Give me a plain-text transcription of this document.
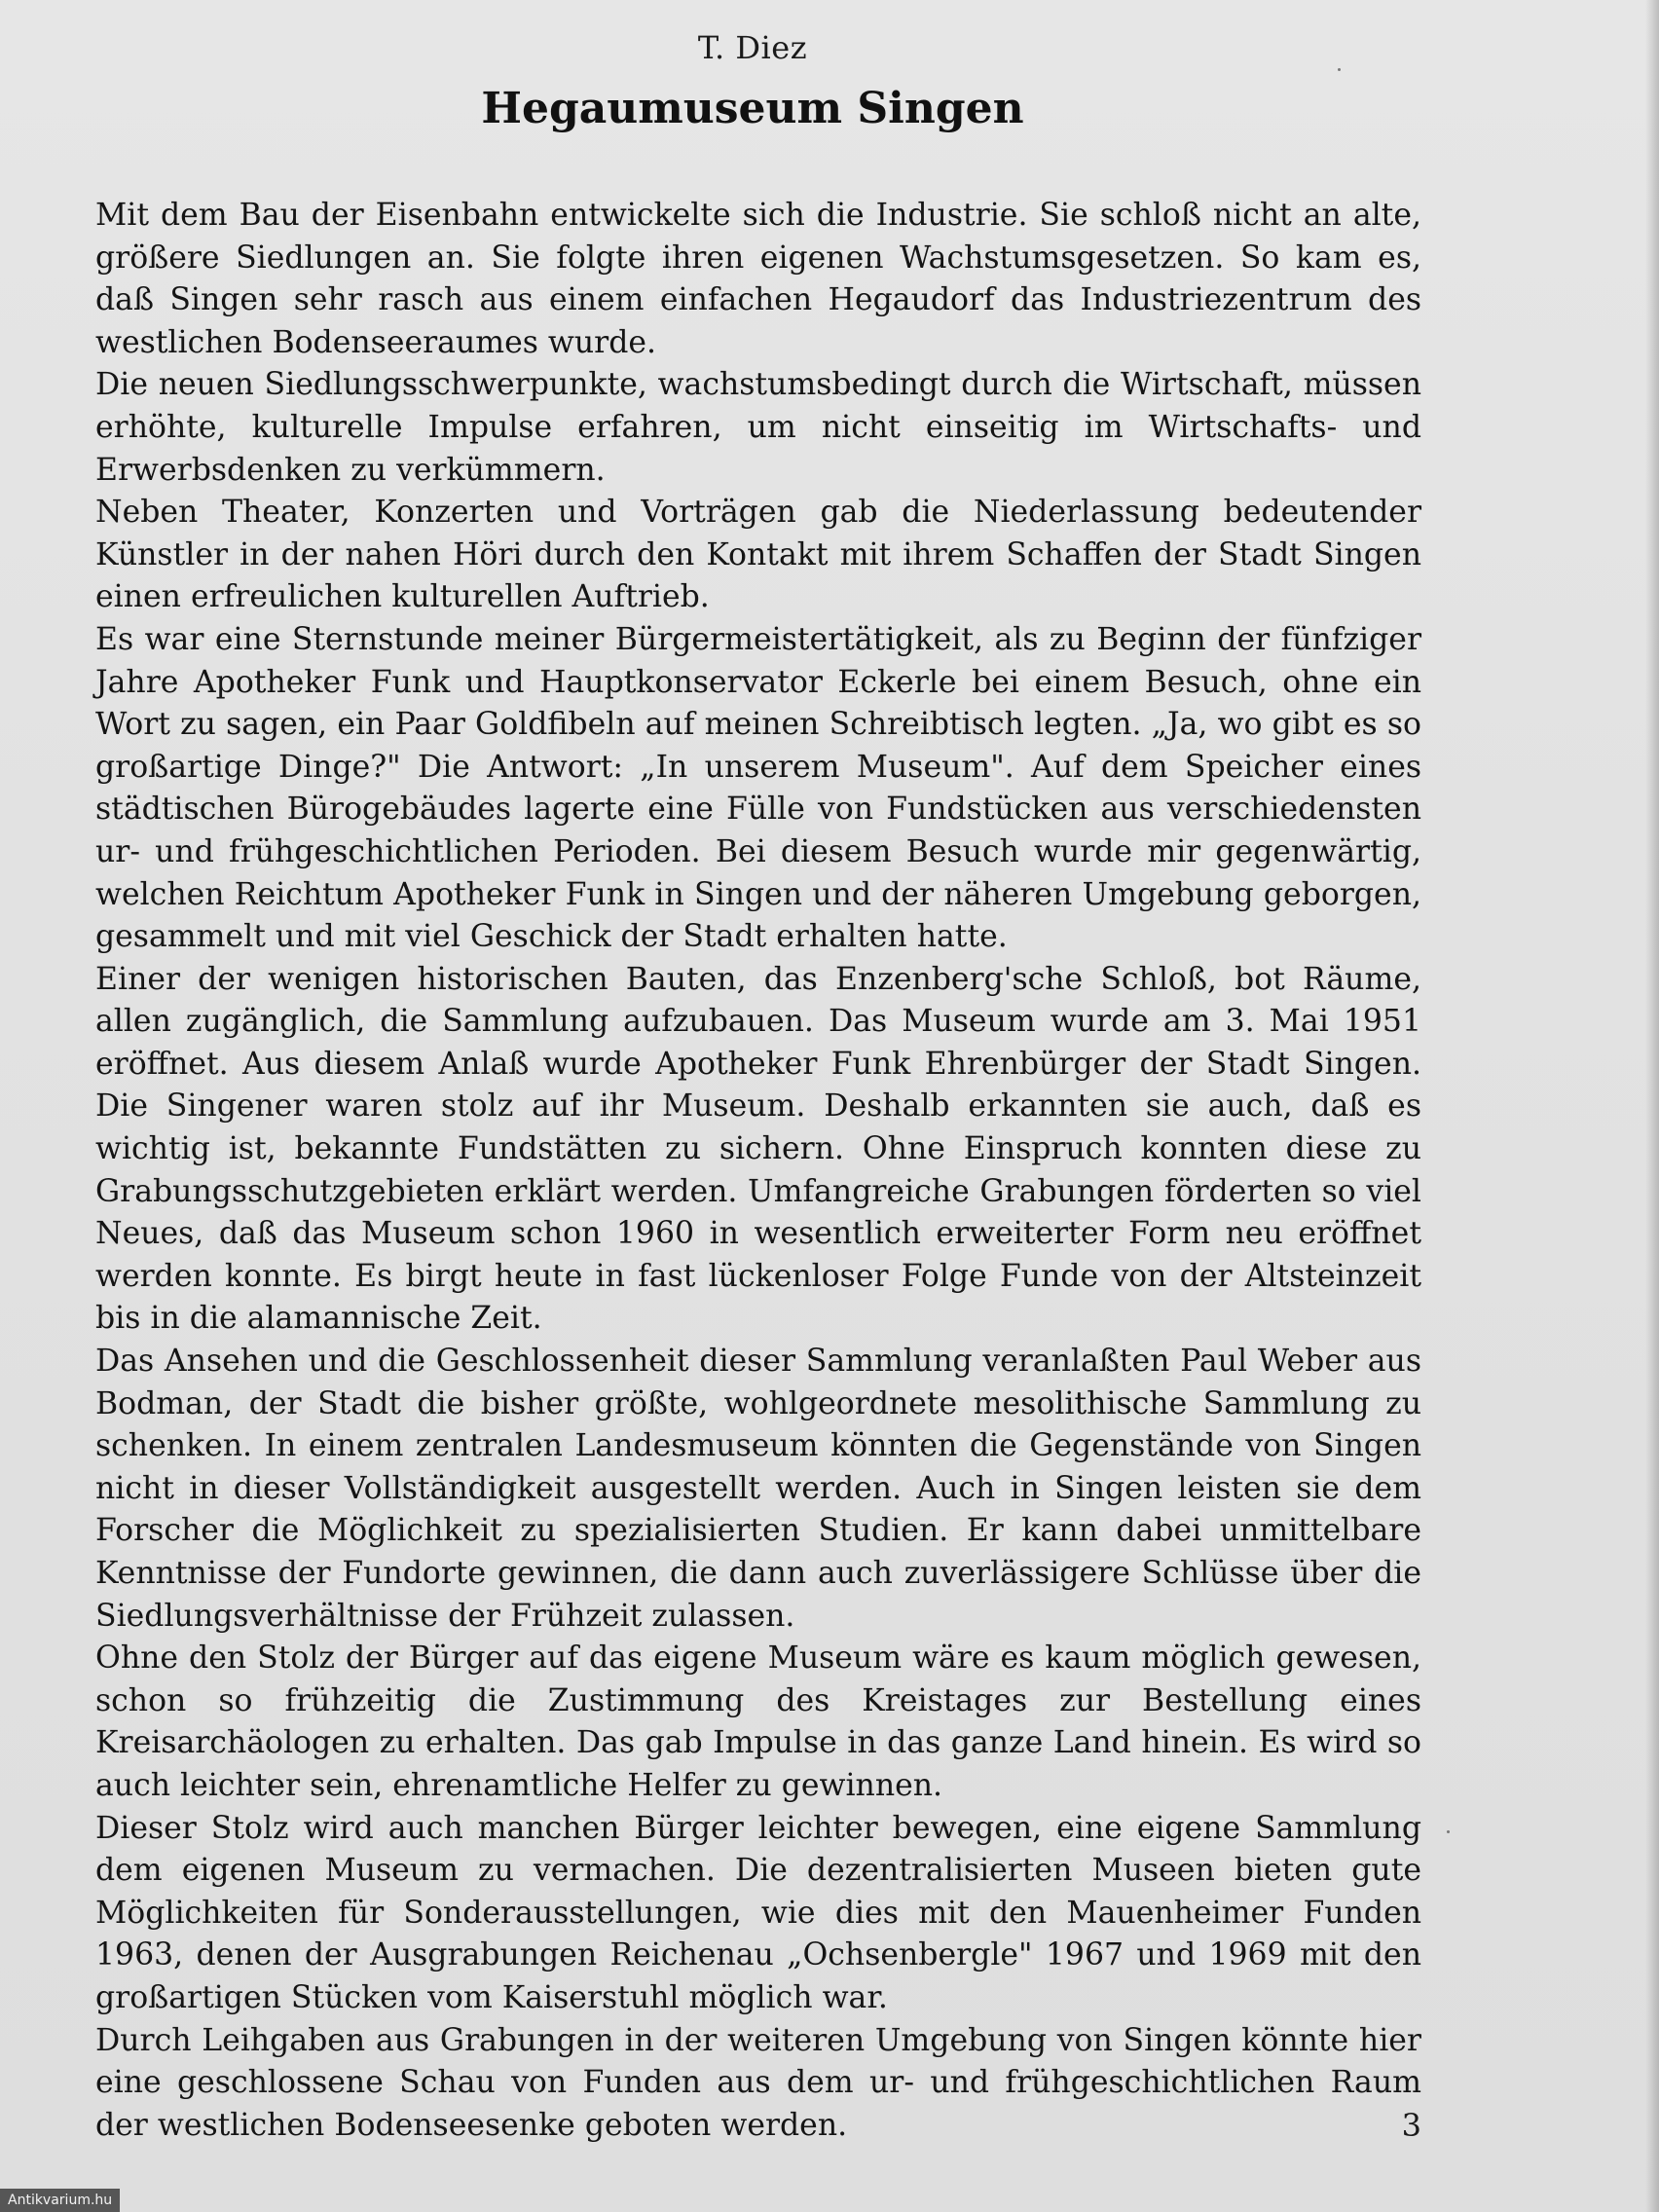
T. Diez
Hegaumuseum Singen

Mit dem Bau der Eisenbahn entwickelte sich die Industrie. Sie schloß nicht an alte, größere Siedlungen an. Sie folgte ihren eigenen Wachstumsgesetzen. So kam es, daß Singen sehr rasch aus einem einfachen Hegaudorf das Industriezentrum des westlichen Bodenseeraumes wurde.

Die neuen Siedlungsschwerpunkte, wachstumsbedingt durch die Wirtschaft, müssen erhöhte, kulturelle Impulse erfahren, um nicht einseitig im Wirtschafts- und Erwerbsdenken zu verkümmern.

Neben Theater, Konzerten und Vorträgen gab die Niederlassung bedeutender Künstler in der nahen Höri durch den Kontakt mit ihrem Schaffen der Stadt Singen einen erfreulichen kulturellen Auftrieb.

Es war eine Sternstunde meiner Bürgermeistertätigkeit, als zu Beginn der fünfziger Jahre Apotheker Funk und Hauptkonservator Eckerle bei einem Besuch, ohne ein Wort zu sagen, ein Paar Goldfibeln auf meinen Schreibtisch legten. „Ja, wo gibt es so großartige Dinge?" Die Antwort: „In unserem Museum". Auf dem Speicher eines städtischen Bürogebäudes lagerte eine Fülle von Fundstücken aus verschiedensten ur- und frühgeschichtlichen Perioden. Bei diesem Besuch wurde mir gegenwärtig, welchen Reichtum Apotheker Funk in Singen und der näheren Umgebung geborgen, gesammelt und mit viel Geschick der Stadt erhalten hatte.

Einer der wenigen historischen Bauten, das Enzenberg'sche Schloß, bot Räume, allen zugänglich, die Sammlung aufzubauen. Das Museum wurde am 3. Mai 1951 eröffnet. Aus diesem Anlaß wurde Apotheker Funk Ehrenbürger der Stadt Singen. Die Singener waren stolz auf ihr Museum. Deshalb erkannten sie auch, daß es wichtig ist, bekannte Fundstätten zu sichern. Ohne Einspruch konnten diese zu Grabungsschutzgebieten erklärt werden. Umfangreiche Grabungen förderten so viel Neues, daß das Museum schon 1960 in wesentlich erweiterter Form neu eröffnet werden konnte. Es birgt heute in fast lückenloser Folge Funde von der Altsteinzeit bis in die alamannische Zeit.

Das Ansehen und die Geschlossenheit dieser Sammlung veranlaßten Paul Weber aus Bodman, der Stadt die bisher größte, wohlgeordnete mesolithische Sammlung zu schenken. In einem zentralen Landesmuseum könnten die Gegenstände von Singen nicht in dieser Vollständigkeit ausgestellt werden. Auch in Singen leisten sie dem Forscher die Möglichkeit zu spezialisierten Studien. Er kann dabei unmittelbare Kenntnisse der Fundorte gewinnen, die dann auch zuverlässigere Schlüsse über die Siedlungsverhältnisse der Frühzeit zulassen.

Ohne den Stolz der Bürger auf das eigene Museum wäre es kaum möglich gewesen, schon so frühzeitig die Zustimmung des Kreistages zur Bestellung eines Kreisarchäologen zu erhalten. Das gab Impulse in das ganze Land hinein. Es wird so auch leichter sein, ehrenamtliche Helfer zu gewinnen.

Dieser Stolz wird auch manchen Bürger leichter bewegen, eine eigene Sammlung dem eigenen Museum zu vermachen. Die dezentralisierten Museen bieten gute Möglichkeiten für Sonderausstellungen, wie dies mit den Mauenheimer Funden 1963, denen der Ausgrabungen Reichenau „Ochsenbergle" 1967 und 1969 mit den großartigen Stücken vom Kaiserstuhl möglich war.

Durch Leihgaben aus Grabungen in der weiteren Umgebung von Singen könnte hier eine geschlossene Schau von Funden aus dem ur- und frühgeschichtlichen Raum der westlichen Bodenseesenke geboten werden.	3
Antikvarium.hu
